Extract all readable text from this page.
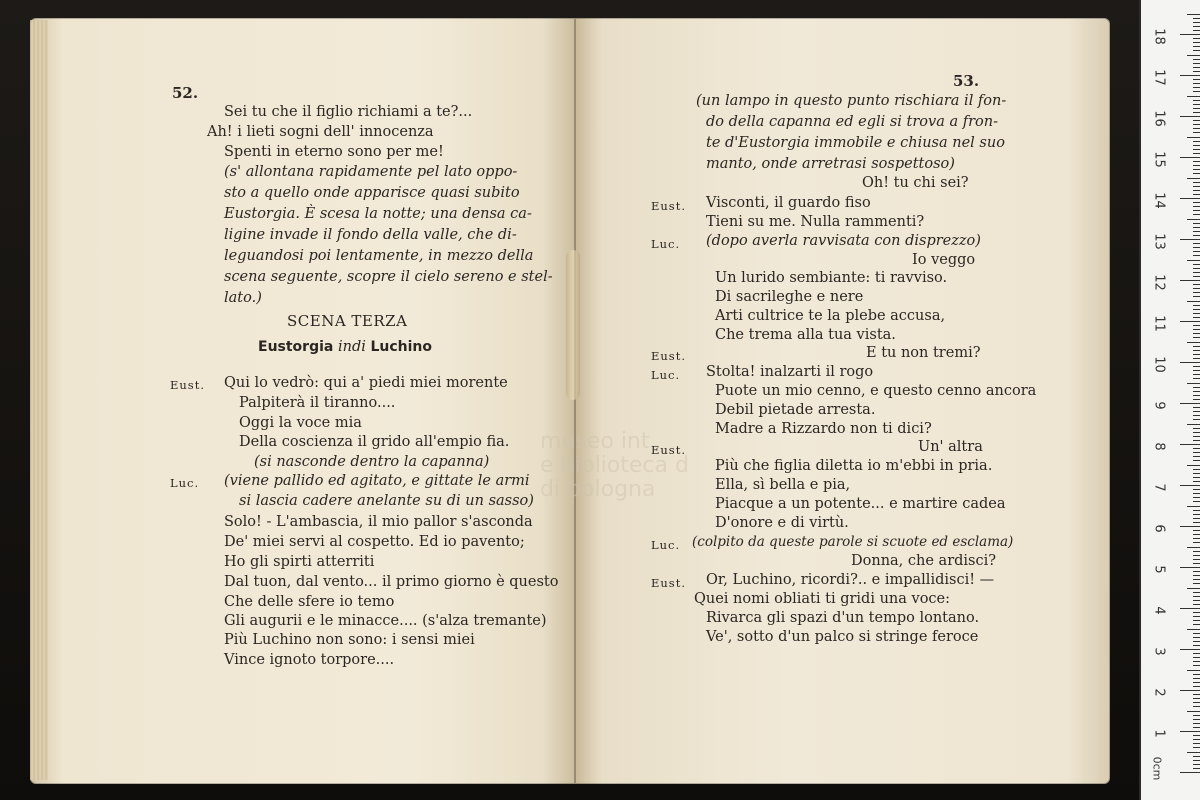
museo int
e biblioteca d
di bologna
52.
Sei tu che il figlio richiami a te?...
Ah! i lieti sogni dell' innocenza
Spenti in eterno sono per me!
(s' allontana rapidamente pel lato oppo-
sto a quello onde apparisce quasi subito
Eustorgia. È scesa la notte; una densa ca-
ligine invade il fondo della valle, che di-
leguandosi poi lentamente, in mezzo della
scena seguente, scopre il cielo sereno e stel-
lato.)
SCENA TERZA
Eustorgia indi Luchino
Eust. Qui lo vedrò: qui a' piedi miei morente
Palpiterà il tiranno....
Oggi la voce mia
Della coscienza il grido all'empio fia.
(si nasconde dentro la capanna)
Luc. (viene pallido ed agitato, e gittate le armi
si lascia cadere anelante su di un sasso)
Solo! - L'ambascia, il mio pallor s'asconda
De' miei servi al cospetto. Ed io pavento;
Ho gli spirti atterriti
Dal tuon, dal vento... il primo giorno è questo
Che delle sfere io temo
Gli augurii e le minacce.... (s'alza tremante)
Più Luchino non sono: i sensi miei
Vince ignoto torpore....
53.
(un lampo in questo punto rischiara il fon-
do della capanna ed egli si trova a fron-
te d'Eustorgia immobile e chiusa nel suo
manto, onde arretrasi sospettoso)
Oh! tu chi sei?
Eust. Visconti, il guardo fiso
Tieni su me. Nulla rammenti?
Luc. (dopo averla ravvisata con disprezzo)
Io veggo
Un lurido sembiante: ti ravviso.
Di sacrileghe e nere
Arti cultrice te la plebe accusa,
Che trema alla tua vista.
Eust.	E tu non tremi?
Luc. Stolta! inalzarti il rogo
Puote un mio cenno, e questo cenno ancora
Debil pietade arresta.
Madre a Rizzardo non ti dici?
Eust.	Un' altra
Più che figlia diletta io m'ebbi in pria.
Ella, sì bella e pia,
Piacque a un potente... e martire cadea
D'onore e di virtù.
Luc. (colpito da queste parole si scuote ed esclama)
Donna, che ardisci?
Eust. Or, Luchino, ricordi?.. e impallidisci! —
Quei nomi obliati ti gridi una voce:
Rivarca gli spazi d'un tempo lontano.
Ve', sotto d'un palco si stringe feroce
0cm
1
2
3
4
5
6
7
8
9
10
11
12
13
14
15
16
17
18
